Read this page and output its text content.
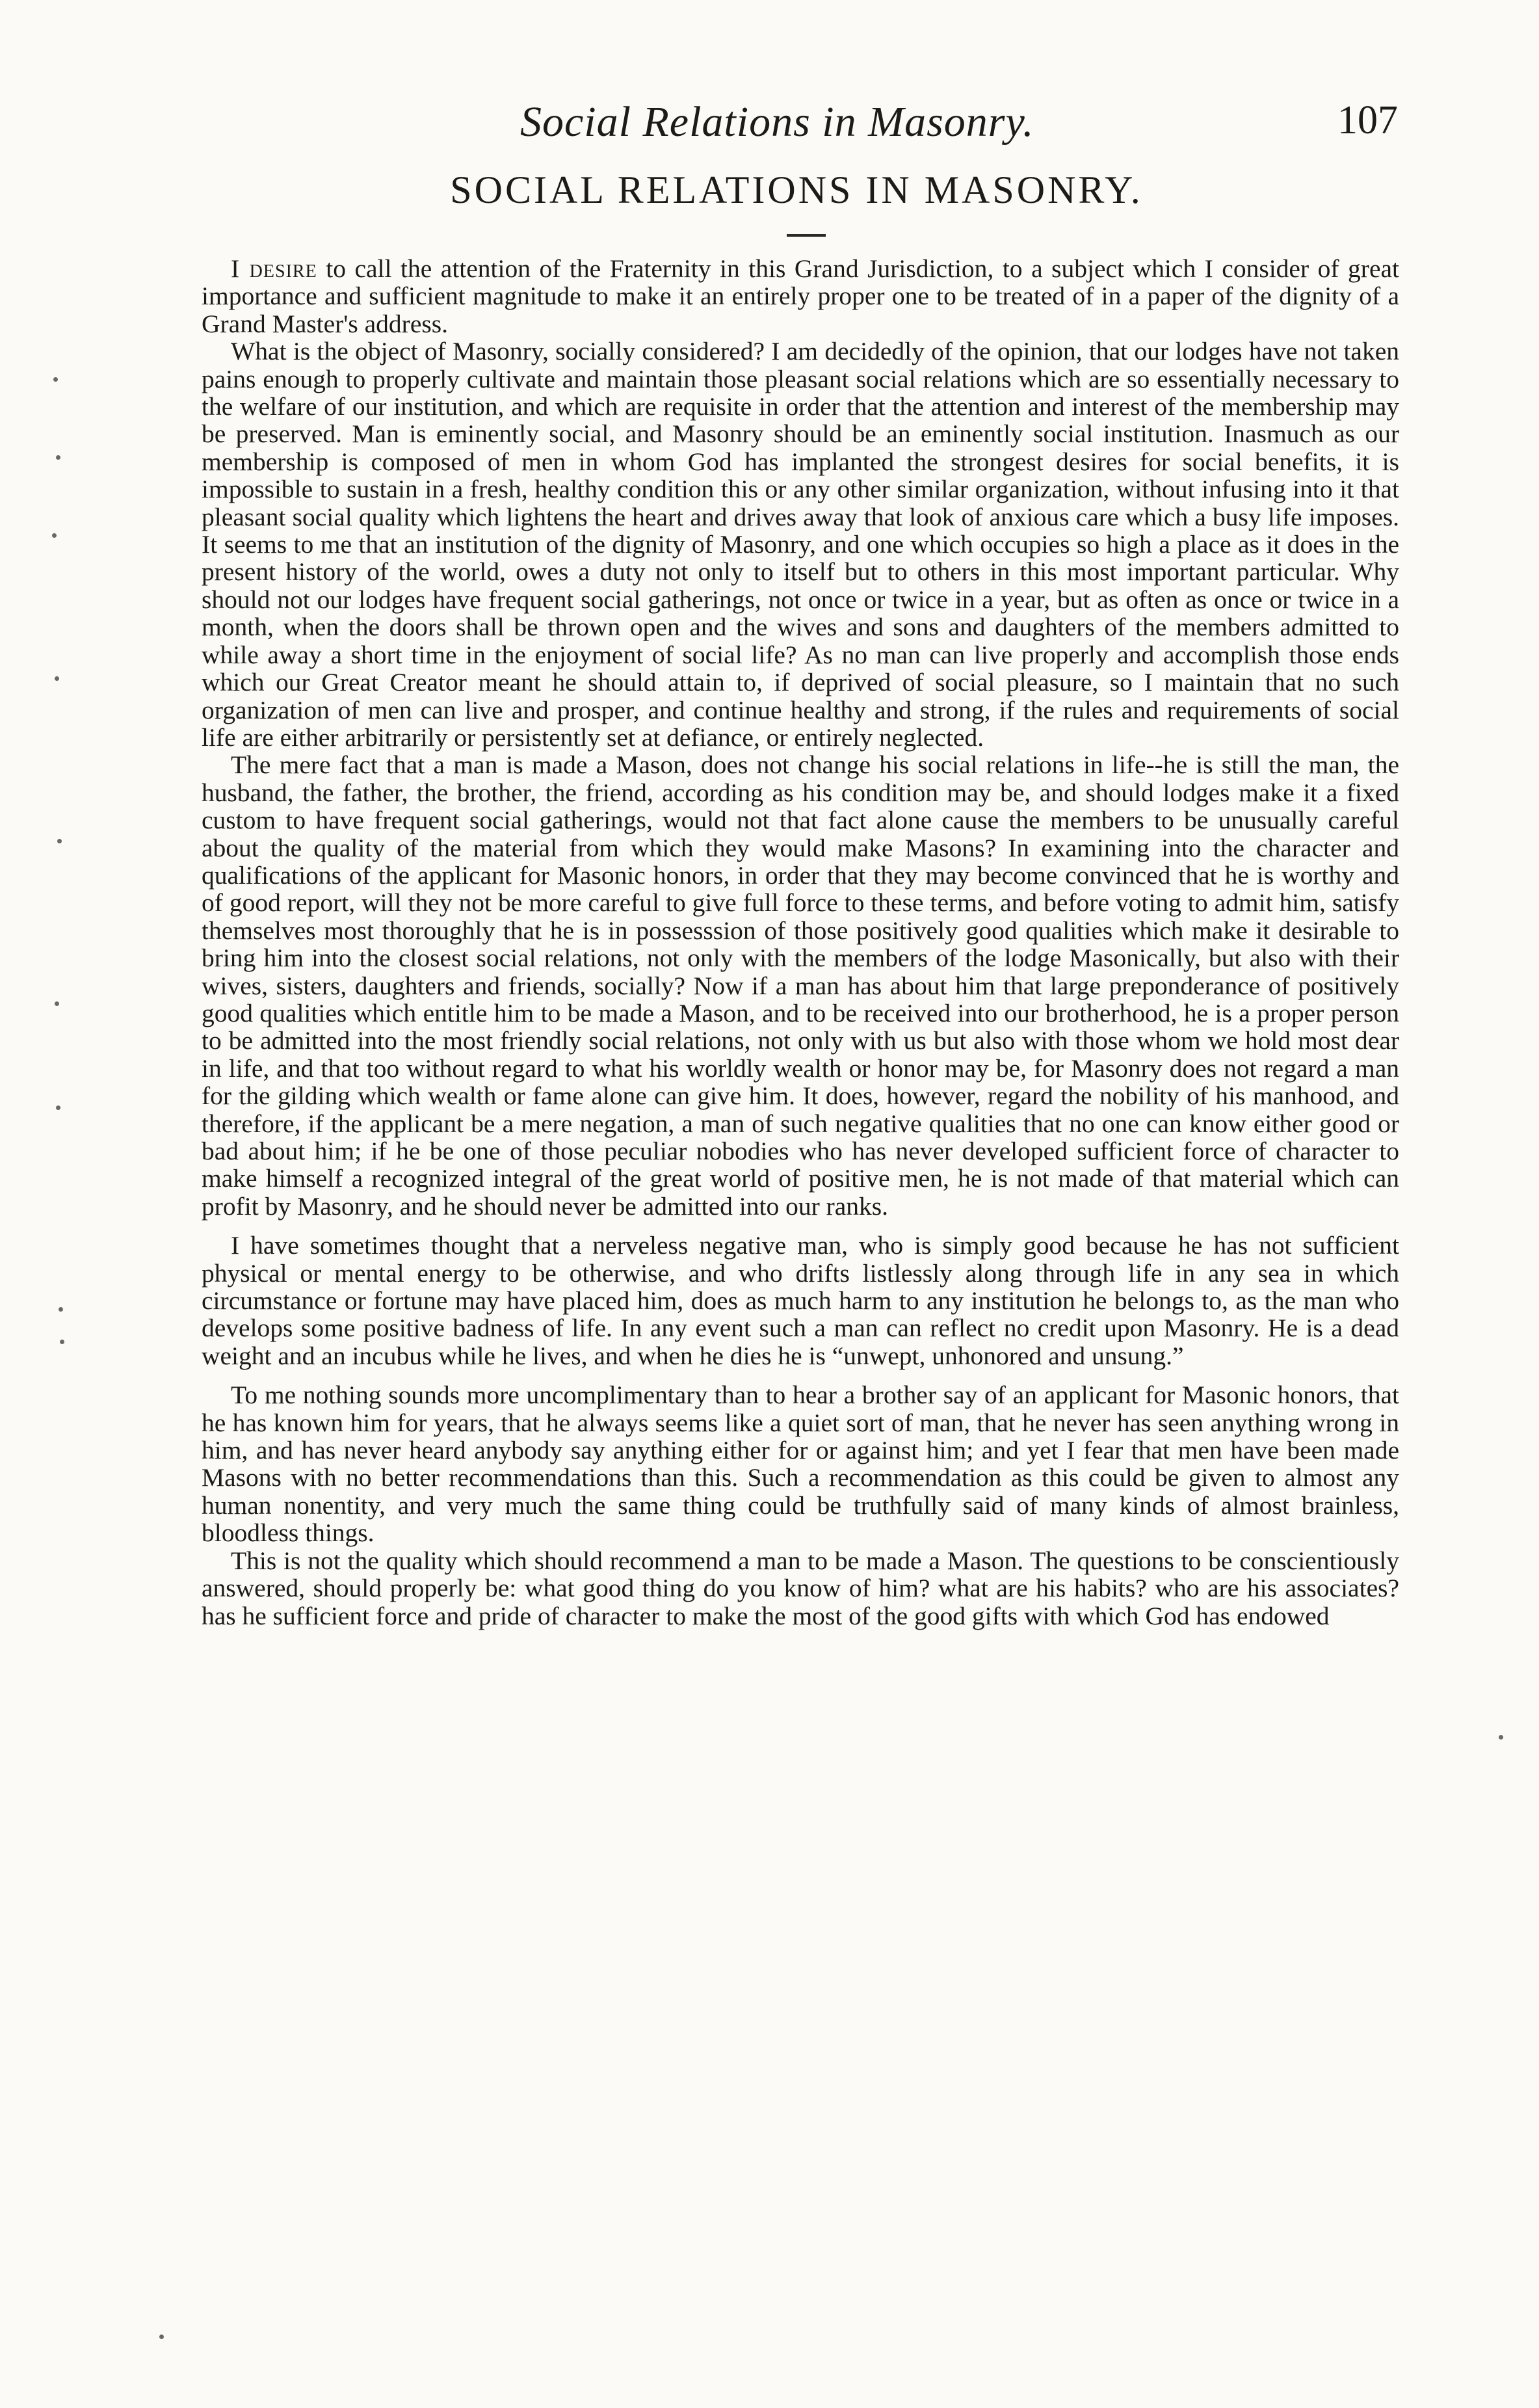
Social Relations in Masonry.	107
SOCIAL RELATIONS IN MASONRY.

I desire to call the attention of the Fraternity in this Grand Jurisdiction, to a subject which I consider of great importance and sufficient magnitude to make it an entirely proper one to be treated of in a paper of the dignity of a Grand Master's address.

What is the object of Masonry, socially considered? I am decidedly of the opinion, that our lodges have not taken pains enough to properly cultivate and maintain those pleasant social relations which are so essentially necessary to the welfare of our institution, and which are requisite in order that the attention and interest of the membership may be preserved. Man is eminently social, and Masonry should be an eminently social institution. Inasmuch as our membership is composed of men in whom God has implanted the strongest desires for social benefits, it is impossible to sustain in a fresh, healthy condition this or any other similar organization, without infusing into it that pleasant social quality which lightens the heart and drives away that look of anxious care which a busy life imposes. It seems to me that an institution of the dignity of Masonry, and one which occupies so high a place as it does in the present history of the world, owes a duty not only to itself but to others in this most important particular. Why should not our lodges have frequent social gatherings, not once or twice in a year, but as often as once or twice in a month, when the doors shall be thrown open and the wives and sons and daughters of the members admitted to while away a short time in the enjoyment of social life? As no man can live properly and accomplish those ends which our Great Creator meant he should attain to, if deprived of social pleasure, so I maintain that no such organization of men can live and prosper, and continue healthy and strong, if the rules and requirements of social life are either arbitrarily or persistently set at defiance, or entirely neglected.

The mere fact that a man is made a Mason, does not change his social relations in life--he is still the man, the husband, the father, the brother, the friend, according as his condition may be, and should lodges make it a fixed custom to have frequent social gatherings, would not that fact alone cause the members to be unusually careful about the quality of the material from which they would make Masons? In examining into the character and qualifications of the applicant for Masonic honors, in order that they may become convinced that he is worthy and of good report, will they not be more careful to give full force to these terms, and before voting to admit him, satisfy themselves most thoroughly that he is in possesssion of those positively good qualities which make it desirable to bring him into the closest social relations, not only with the members of the lodge Masonically, but also with their wives, sisters, daughters and friends, socially? Now if a man has about him that large preponderance of positively good qualities which entitle him to be made a Mason, and to be received into our brotherhood, he is a proper person to be admitted into the most friendly social relations, not only with us but also with those whom we hold most dear in life, and that too without regard to what his worldly wealth or honor may be, for Masonry does not regard a man for the gilding which wealth or fame alone can give him. It does, however, regard the nobility of his manhood, and therefore, if the applicant be a mere negation, a man of such negative qualities that no one can know either good or bad about him; if he be one of those peculiar nobodies who has never developed sufficient force of character to make himself a recognized integral of the great world of positive men, he is not made of that material which can profit by Masonry, and he should never be admitted into our ranks.

I have sometimes thought that a nerveless negative man, who is simply good because he has not sufficient physical or mental energy to be otherwise, and who drifts listlessly along through life in any sea in which circumstance or fortune may have placed him, does as much harm to any institution he belongs to, as the man who develops some positive badness of life. In any event such a man can reflect no credit upon Masonry. He is a dead weight and an incubus while he lives, and when he dies he is “unwept, unhonored and unsung.”

To me nothing sounds more uncomplimentary than to hear a brother say of an applicant for Masonic honors, that he has known him for years, that he always seems like a quiet sort of man, that he never has seen anything wrong in him, and has never heard anybody say anything either for or against him; and yet I fear that men have been made Masons with no better recommendations than this. Such a recommendation as this could be given to almost any human nonentity, and very much the same thing could be truthfully said of many kinds of almost brainless, bloodless things.

This is not the quality which should recommend a man to be made a Mason. The questions to be conscientiously answered, should properly be: what good thing do you know of him? what are his habits? who are his associates? has he sufficient force and pride of character to make the most of the good gifts with which God has endowed
